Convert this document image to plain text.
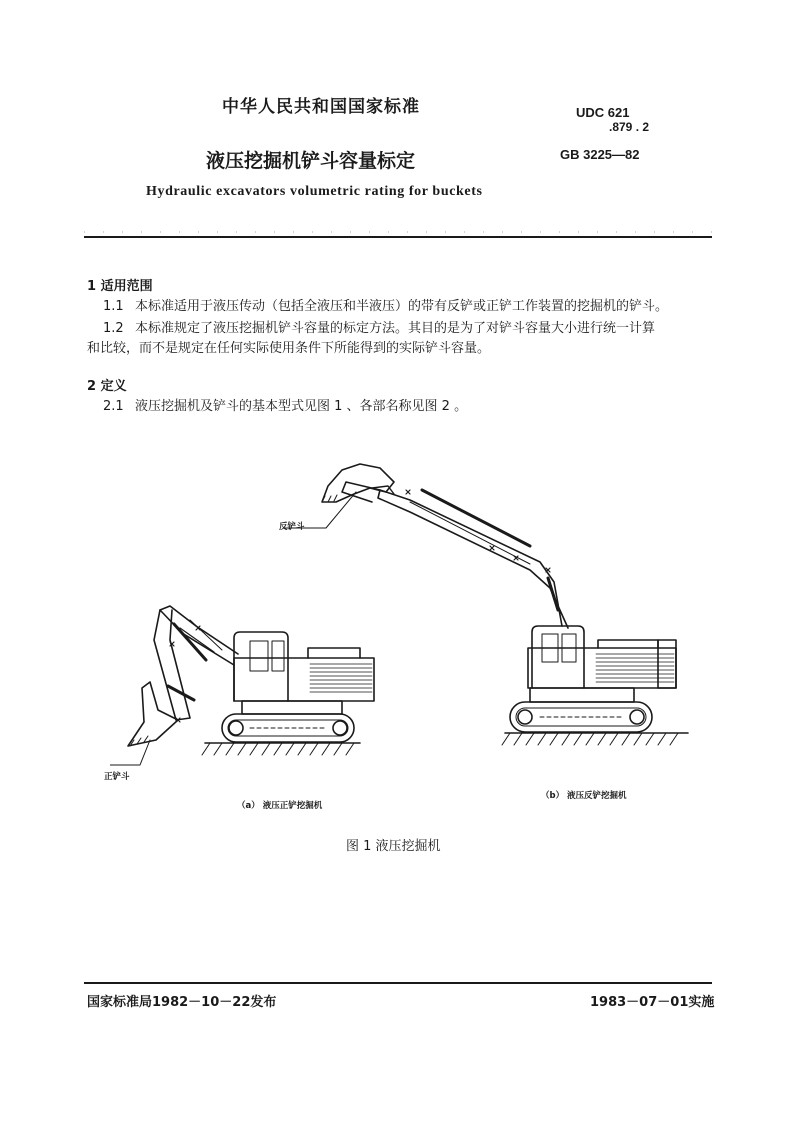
中华人民共和国国家标准	UDC 621
.879 . 2
液压挖掘机铲斗容量标定	GB 3225—82
Hydraulic excavators volumetric rating for buckets
1 适用范围
1.1 本标准适用于液压传动（包括全液压和半液压）的带有反铲或正铲工作装置的挖掘机的铲斗。
1.2 本标准规定了液压挖掘机铲斗容量的标定方法。其目的是为了对铲斗容量大小进行统一计算
和比较，而不是规定在任何实际使用条件下所能得到的实际铲斗容量。
2 定义
2.1 液压挖掘机及铲斗的基本型式见图 1 、各部名称见图 2 。
反铲斗
正铲斗
（a） 液压正铲挖掘机
（b） 液压反铲挖掘机
图 1 液压挖掘机
国家标准局1982－10－22发布	1983－07－01实施
